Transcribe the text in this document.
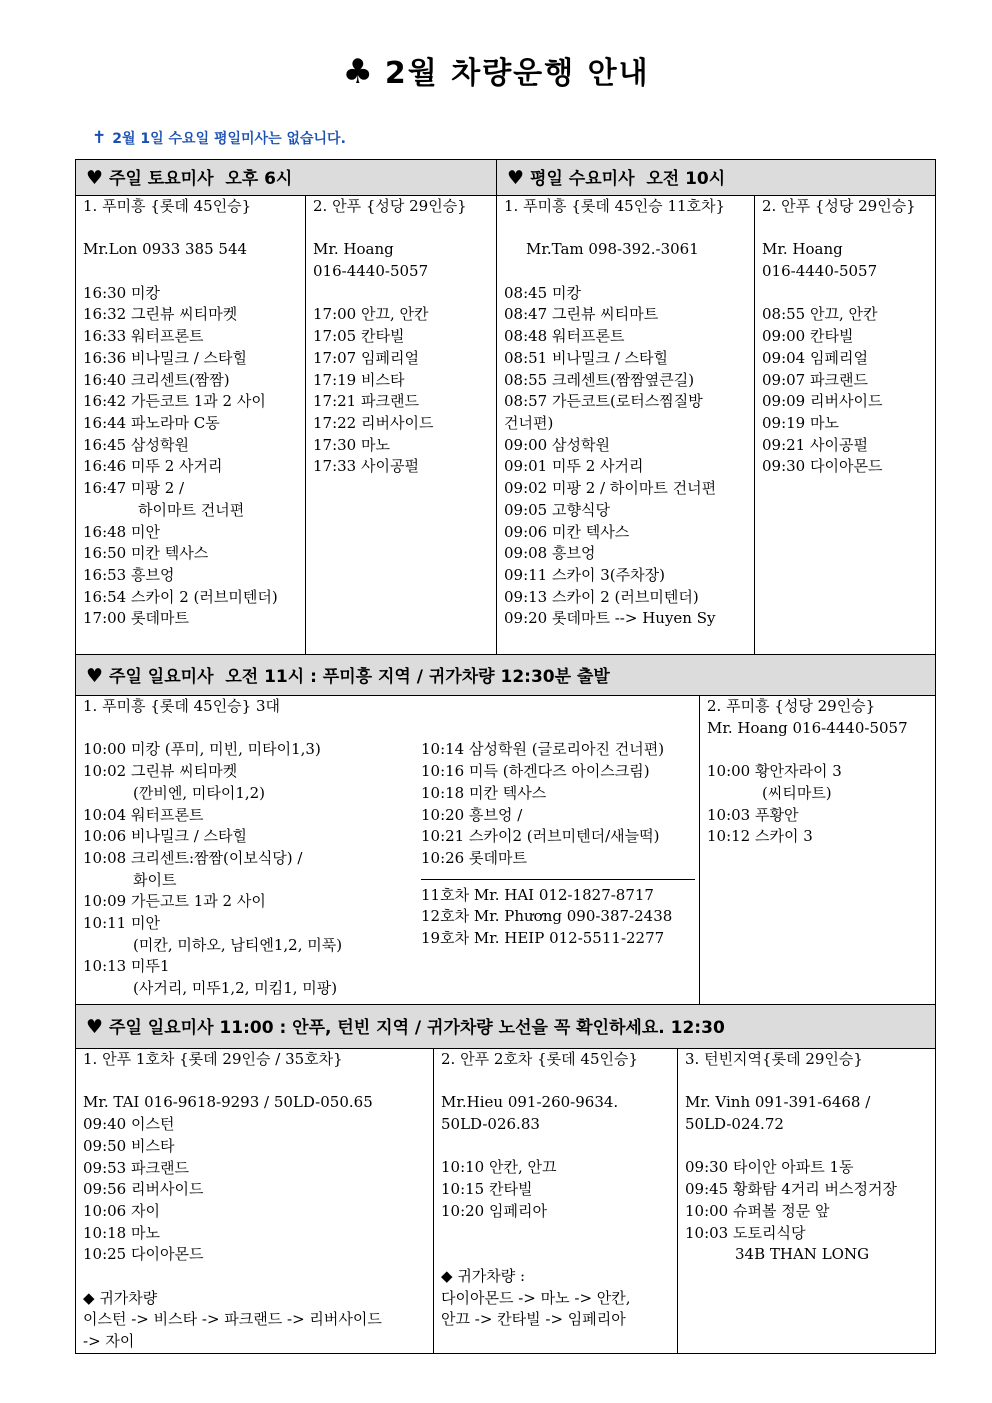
♣ 2월 차량운행 안내
✝ 2월 1일 수요일 평일미사는 없습니다.
♥ 주일 토요미사  오후 6시	♥ 평일 수요미사  오전 10시
1. 푸미흥 {롯데 45인승}
Mr.Lon 0933 385 544
16:30 미캉
16:32 그린뷰 씨티마켓
16:33 워터프론트
16:36 비나밀크 / 스타힐
16:40 크리센트(짬짬)
16:42 가든코트 1과 2 사이
16:44 파노라마 C동
16:45 삼성학원
16:46 미뚜 2 사거리
16:47 미팡 2 /
하이마트 건너편
16:48 미안
16:50 미칸 텍사스
16:53 흥브엉
16:54 스카이 2 (러브미텐더)
17:00 롯데마트
2. 안푸 {성당 29인승}
Mr. Hoang
016-4440-5057
17:00 안끄, 안칸
17:05 칸타빌
17:07 임페리얼
17:19 비스타
17:21 파크랜드
17:22 리버사이드
17:30 마노
17:33 사이공펄
1. 푸미흥 {롯데 45인승 11호차}
Mr.Tam 098-392.-3061
08:45 미캉
08:47 그린뷰 씨티마트
08:48 워터프론트
08:51 비나밀크 / 스타힐
08:55 크레센트(짬짬옆큰길)
08:57 가든코트(로터스찜질방
건너편)
09:00 삼성학원
09:01 미뚜 2 사거리
09:02 미팡 2 / 하이마트 건너편
09:05 고향식당
09:06 미칸 텍사스
09:08 흥브엉
09:11 스카이 3(주차장)
09:13 스카이 2 (러브미텐더)
09:20 롯데마트 --> Huyen Sy
2. 안푸 {성당 29인승}
Mr. Hoang
016-4440-5057
08:55 안끄, 안칸
09:00 칸타빌
09:04 임페리얼
09:07 파크랜드
09:09 리버사이드
09:19 마노
09:21 사이공펄
09:30 다이아몬드
♥ 주일 일요미사  오전 11시 : 푸미흥 지역 / 귀가차량 12:30분 출발
1. 푸미흥 {롯데 45인승} 3대
10:00 미캉 (푸미, 미빈, 미타이1,3)
10:02 그린뷰 씨티마켓
(깐비엔, 미타이1,2)
10:04 워터프론트
10:06 비나밀크 / 스타힐
10:08 크리센트:짬짬(이보식당) /
화이트
10:09 가든고트 1과 2 사이
10:11 미안
(미칸, 미하오, 남티엔1,2, 미푹)
10:13 미뚜1
(사거리, 미뚜1,2, 미킴1, 미팡)
10:14 삼성학원 (글로리아진 건너편)
10:16 미득 (하겐다즈 아이스크림)
10:18 미칸 텍사스
10:20 흥브엉 /
10:21 스카이2 (러브미텐더/새늘떡)
10:26 롯데마트
11호차 Mr. HAI 012-1827-8717
12호차 Mr. Phương 090-387-2438
19호차 Mr. HEIP 012-5511-2277
2. 푸미흥 {성당 29인승}
Mr. Hoang 016-4440-5057
10:00 황안자라이 3
(씨티마트)
10:03 푸황안
10:12 스카이 3
♥ 주일 일요미사 11:00 : 안푸, 턴빈 지역 / 귀가차량 노선을 꼭 확인하세요. 12:30
1. 안푸 1호차 {롯데 29인승 / 35호차}
Mr. TAI 016-9618-9293 / 50LD-050.65
09:40 이스턴
09:50 비스타
09:53 파크랜드
09:56 리버사이드
10:06 자이
10:18 마노
10:25 다이아몬드
◆ 귀가차량
이스턴 -> 비스타 -> 파크랜드 -> 리버사이드
-> 자이
2. 안푸 2호차 {롯데 45인승}
Mr.Hieu 091-260-9634.
50LD-026.83
10:10 안칸, 안끄
10:15 칸타빌
10:20 임페리아
◆ 귀가차량 :
다이아몬드 -> 마노 -> 안칸,
안끄 -> 칸타빌 -> 임페리아
3. 턴빈지역{롯데 29인승}
Mr. Vinh 091-391-6468 /
50LD-024.72
09:30 타이안 아파트 1동
09:45 황화탐 4거리 버스정거장
10:00 슈퍼볼 정문 앞
10:03 도토리식당
34B THAN LONG
